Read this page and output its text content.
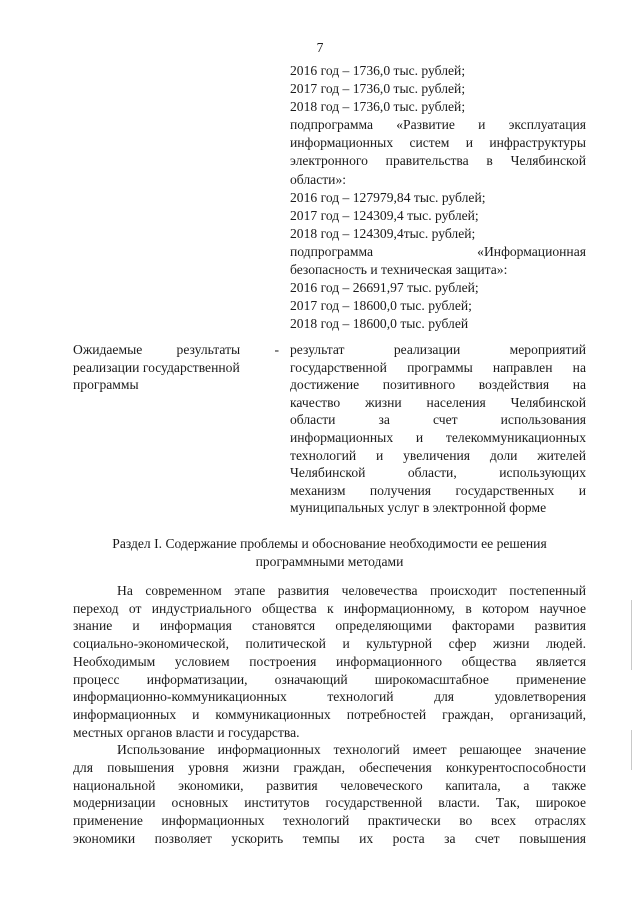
7
2016 год – 1736,0 тыс. рублей;
2017 год – 1736,0 тыс. рублей;
2018 год – 1736,0 тыс. рублей;
подпрограмма «Развитие и эксплуатация
информационных систем и инфраструктуры
электронного правительства в Челябинской
области»:
2016 год – 127979,84 тыс. рублей;
2017 год – 124309,4 тыс. рублей;
2018 год – 124309,4тыс. рублей;
подпрограмма «Информационная
безопасность и техническая защита»:
2016 год – 26691,97 тыс. рублей;
2017 год – 18600,0 тыс. рублей;
2018 год – 18600,0 тыс. рублей
Ожидаемые результаты -
реализации государственной
программы
результат реализации мероприятий
государственной программы направлен на
достижение позитивного воздействия на
качество жизни населения Челябинской
области за счет использования
информационных и телекоммуникационных
технологий и увеличения доли жителей
Челябинской области, использующих
механизм получения государственных и
муниципальных услуг в электронной форме
Раздел I. Содержание проблемы и обоснование необходимости ее решения
программными методами
На современном этапе развития человечества происходит постепенный
переход от индустриального общества к информационному, в котором научное
знание и информация становятся определяющими факторами развития
социально-экономической, политической и культурной сфер жизни людей.
Необходимым условием построения информационного общества является
процесс информатизации, означающий широкомасштабное применение
информационно-коммуникационных технологий для удовлетворения
информационных и коммуникационных потребностей граждан, организаций,
местных органов власти и государства.
Использование информационных технологий имеет решающее значение
для повышения уровня жизни граждан, обеспечения конкурентоспособности
национальной экономики, развития человеческого капитала, а также
модернизации основных институтов государственной власти. Так, широкое
применение информационных технологий практически во всех отраслях
экономики позволяет ускорить темпы их роста за счет повышения
